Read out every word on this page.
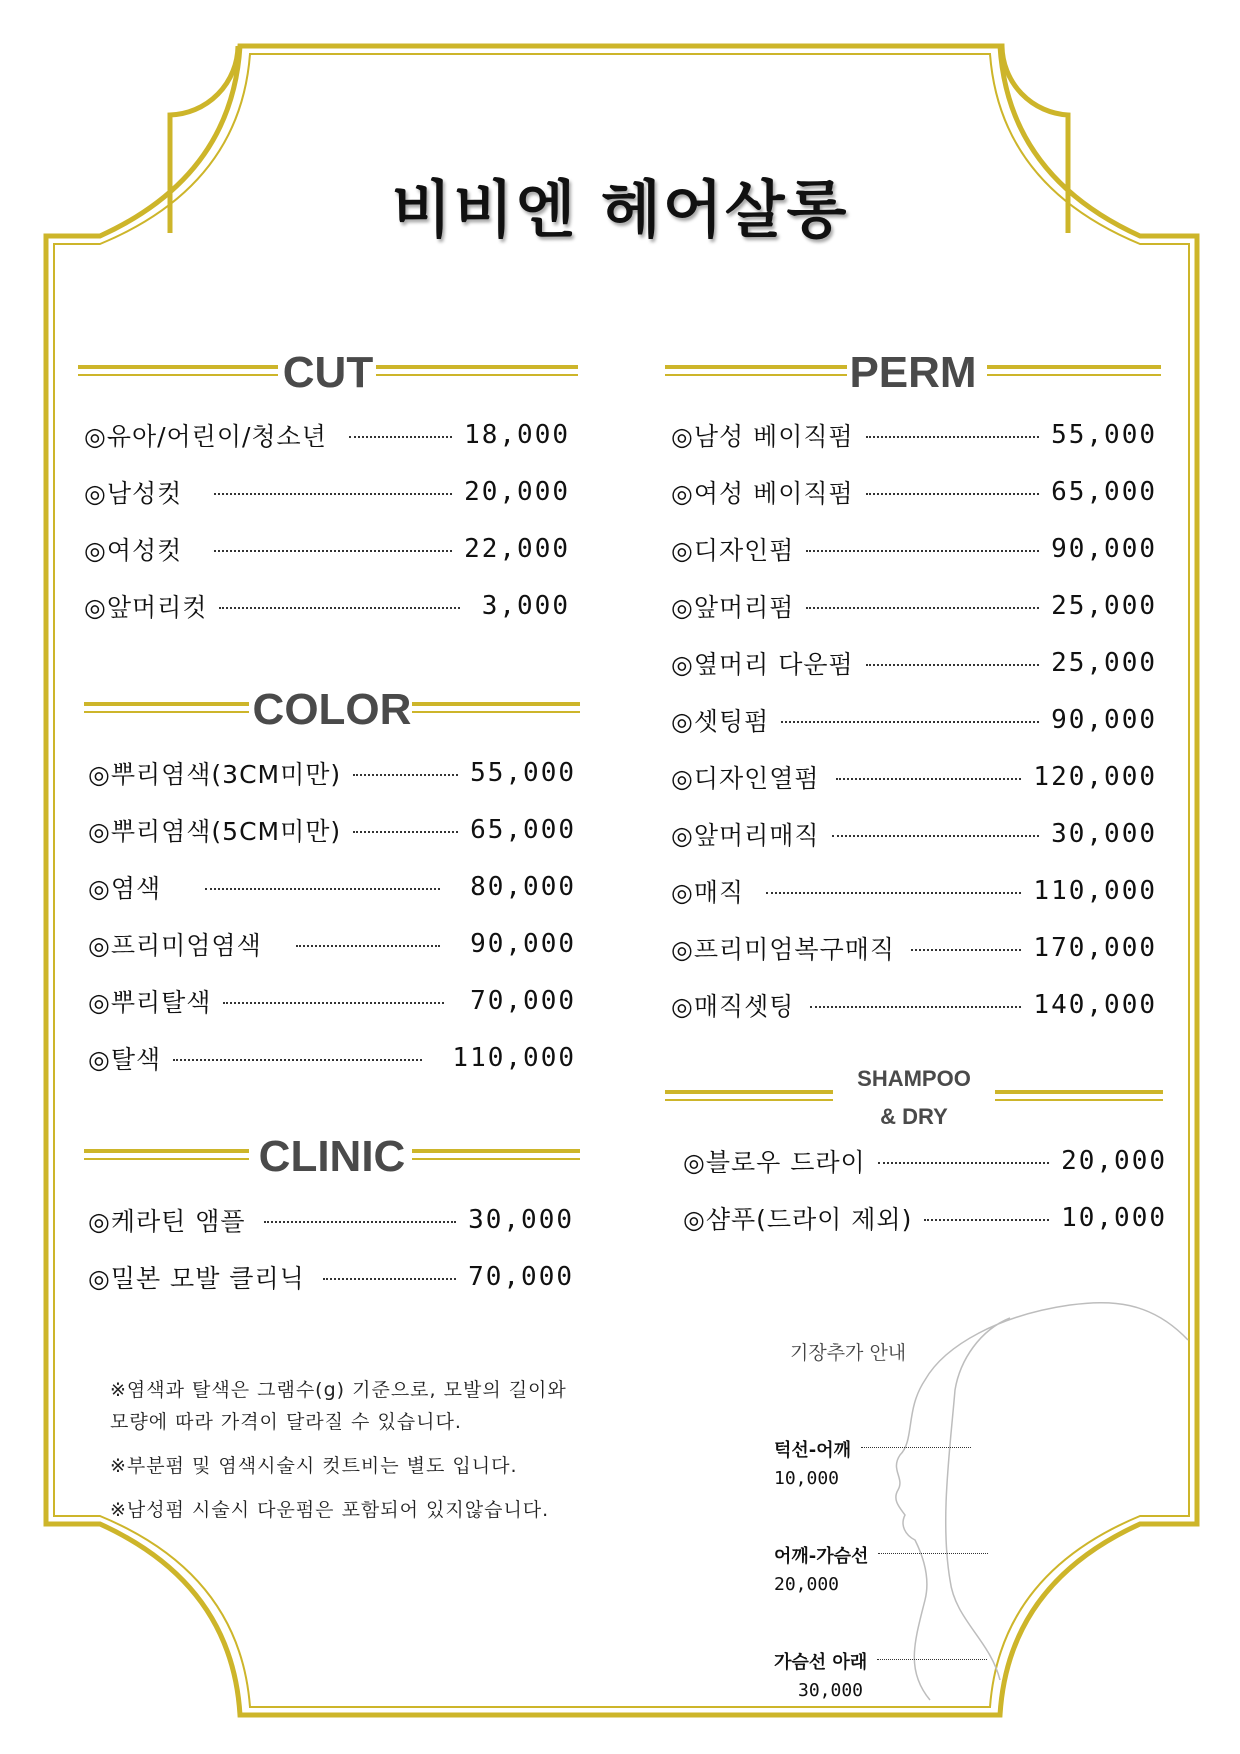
비비엔 헤어살롱
CUT
◎유아/어린이/청소년	18,000
◎남성컷	20,000
◎여성컷	22,000
◎앞머리컷	3,000
COLOR
◎뿌리염색(3CM미만)	55,000
◎뿌리염색(5CM미만)	65,000
◎염색	80,000
◎프리미엄염색	90,000
◎뿌리탈색	70,000
◎탈색	110,000
CLINIC
◎케라틴 앰플	30,000
◎밀본 모발 클리닉	70,000
※염색과 탈색은 그램수(g) 기준으로, 모발의 길이와
모량에 따라 가격이 달라질 수 있습니다.
※부분펌 및 염색시술시 컷트비는 별도 입니다.
※남성펌 시술시 다운펌은 포함되어 있지않습니다.
PERM
◎남성 베이직펌	55,000
◎여성 베이직펌	65,000
◎디자인펌	90,000
◎앞머리펌	25,000
◎옆머리 다운펌	25,000
◎셋팅펌	90,000
◎디자인열펌	120,000
◎앞머리매직	30,000
◎매직	110,000
◎프리미엄복구매직	170,000
◎매직셋팅	140,000
SHAMPOO
& DRY
◎블로우 드라이	20,000
◎샴푸(드라이 제외)	10,000
기장추가 안내
턱선-어깨
10,000
어깨-가슴선
20,000
가슴선 아래
30,000
